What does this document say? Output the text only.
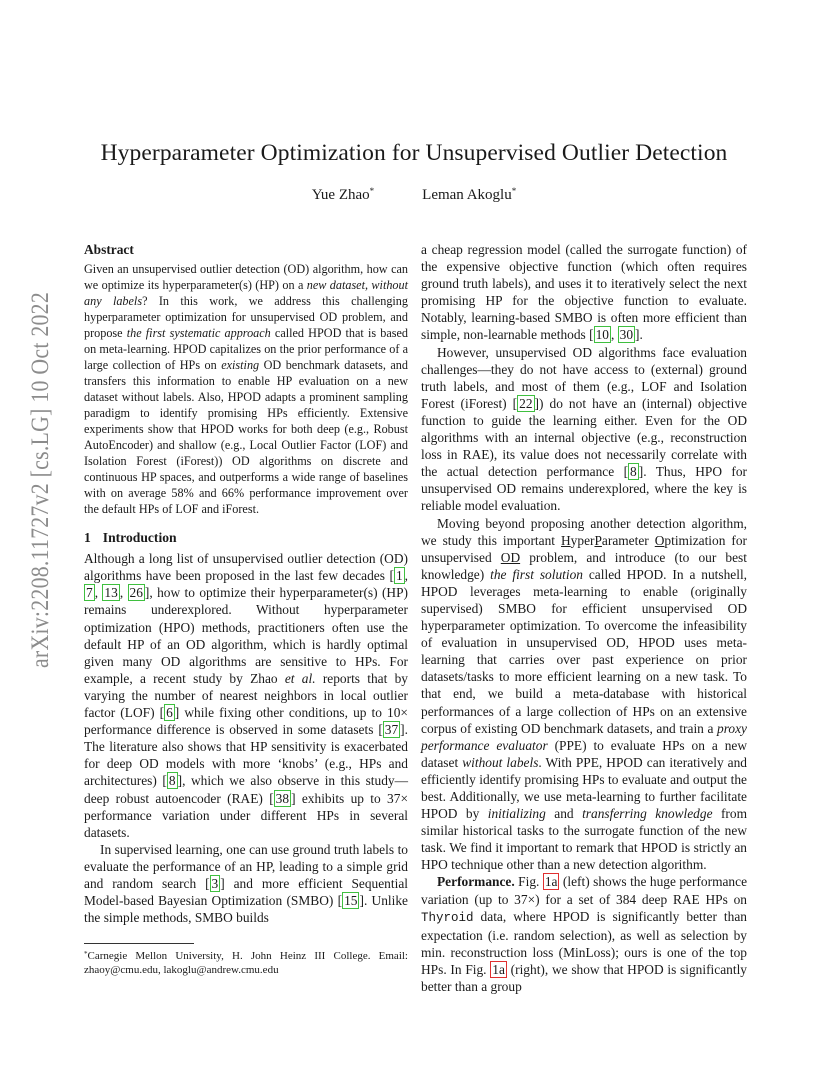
arXiv:2208.11727v2 [cs.LG] 10 Oct 2022
Hyperparameter Optimization for Unsupervised Outlier Detection
Yue Zhao*	Leman Akoglu*
Abstract

Given an unsupervised outlier detection (OD) algorithm, how can we optimize its hyperparameter(s) (HP) on a new dataset, without any labels? In this work, we address this challenging hyperparameter optimization for unsupervised OD problem, and propose the first systematic approach called HPOD that is based on meta-learning. HPOD capitalizes on the prior performance of a large collection of HPs on existing OD benchmark datasets, and transfers this information to enable HP evaluation on a new dataset without labels. Also, HPOD adapts a prominent sampling paradigm to identify promising HPs efficiently. Extensive experiments show that HPOD works for both deep (e.g., Robust AutoEncoder) and shallow (e.g., Local Outlier Factor (LOF) and Isolation Forest (iForest)) OD algorithms on discrete and continuous HP spaces, and outperforms a wide range of baselines with on average 58% and 66% performance improvement over the default HPs of LOF and iForest.

1 Introduction

Although a long list of unsupervised outlier detection (OD) algorithms have been proposed in the last few decades [ 1 , 7 , 13 , 26 ], how to optimize their hyperparameter(s) (HP) remains underexplored. Without hyperparameter optimization (HPO) methods, practitioners often use the default HP of an OD algorithm, which is hardly optimal given many OD algorithms are sensitive to HPs. For example, a recent study by Zhao et al. reports that by varying the number of nearest neighbors in local outlier factor (LOF) [ 6 ] while fixing other conditions, up to 10× performance difference is observed in some datasets [ 37 ]. The literature also shows that HP sensitivity is exacerbated for deep OD models with more ‘knobs’ (e.g., HPs and architectures) [ 8 ], which we also observe in this study—deep robust autoencoder (RAE) [ 38 ] exhibits up to 37× performance variation under different HPs in several datasets.

In supervised learning, one can use ground truth labels to evaluate the performance of an HP, leading to a simple grid and random search [ 3 ] and more efficient Sequential Model-based Bayesian Optimization (SMBO) [ 15 ]. Unlike the simple methods, SMBO builds

a cheap regression model (called the surrogate function) of the expensive objective function (which often requires ground truth labels), and uses it to iteratively select the next promising HP for the objective function to evaluate. Notably, learning-based SMBO is often more efficient than simple, non-learnable methods [ 10 , 30 ].

However, unsupervised OD algorithms face evaluation challenges—they do not have access to (external) ground truth labels, and most of them (e.g., LOF and Isolation Forest (iForest) [ 22 ]) do not have an (internal) objective function to guide the learning either. Even for the OD algorithms with an internal objective (e.g., reconstruction loss in RAE), its value does not necessarily correlate with the actual detection performance [ 8 ]. Thus, HPO for unsupervised OD remains underexplored, where the key is reliable model evaluation.

Moving beyond proposing another detection algorithm, we study this important HyperParameter Optimization for unsupervised OD problem, and introduce (to our best knowledge) the first solution called HPOD. In a nutshell, HPOD leverages meta-learning to enable (originally supervised) SMBO for efficient unsupervised OD hyperparameter optimization. To overcome the infeasibility of evaluation in unsupervised OD, HPOD uses meta-learning that carries over past experience on prior datasets/tasks to more efficient learning on a new task. To that end, we build a meta-database with historical performances of a large collection of HPs on an extensive corpus of existing OD benchmark datasets, and train a proxy performance evaluator (PPE) to evaluate HPs on a new dataset without labels. With PPE, HPOD can iteratively and efficiently identify promising HPs to evaluate and output the best. Additionally, we use meta-learning to further facilitate HPOD by initializing and transferring knowledge from similar historical tasks to the surrogate function of the new task. We find it important to remark that HPOD is strictly an HPO technique other than a new detection algorithm.

Performance. Fig. 1a (left) shows the huge performance variation (up to 37×) for a set of 384 deep RAE HPs on Thyroid data, where HPOD is significantly better than expectation (i.e. random selection), as well as selection by min. reconstruction loss (MinLoss); ours is one of the top HPs. In Fig. 1a (right), we show that HPOD is significantly better than a group

*Carnegie Mellon University, H. John Heinz III College. Email: zhaoy@cmu.edu, lakoglu@andrew.cmu.edu
